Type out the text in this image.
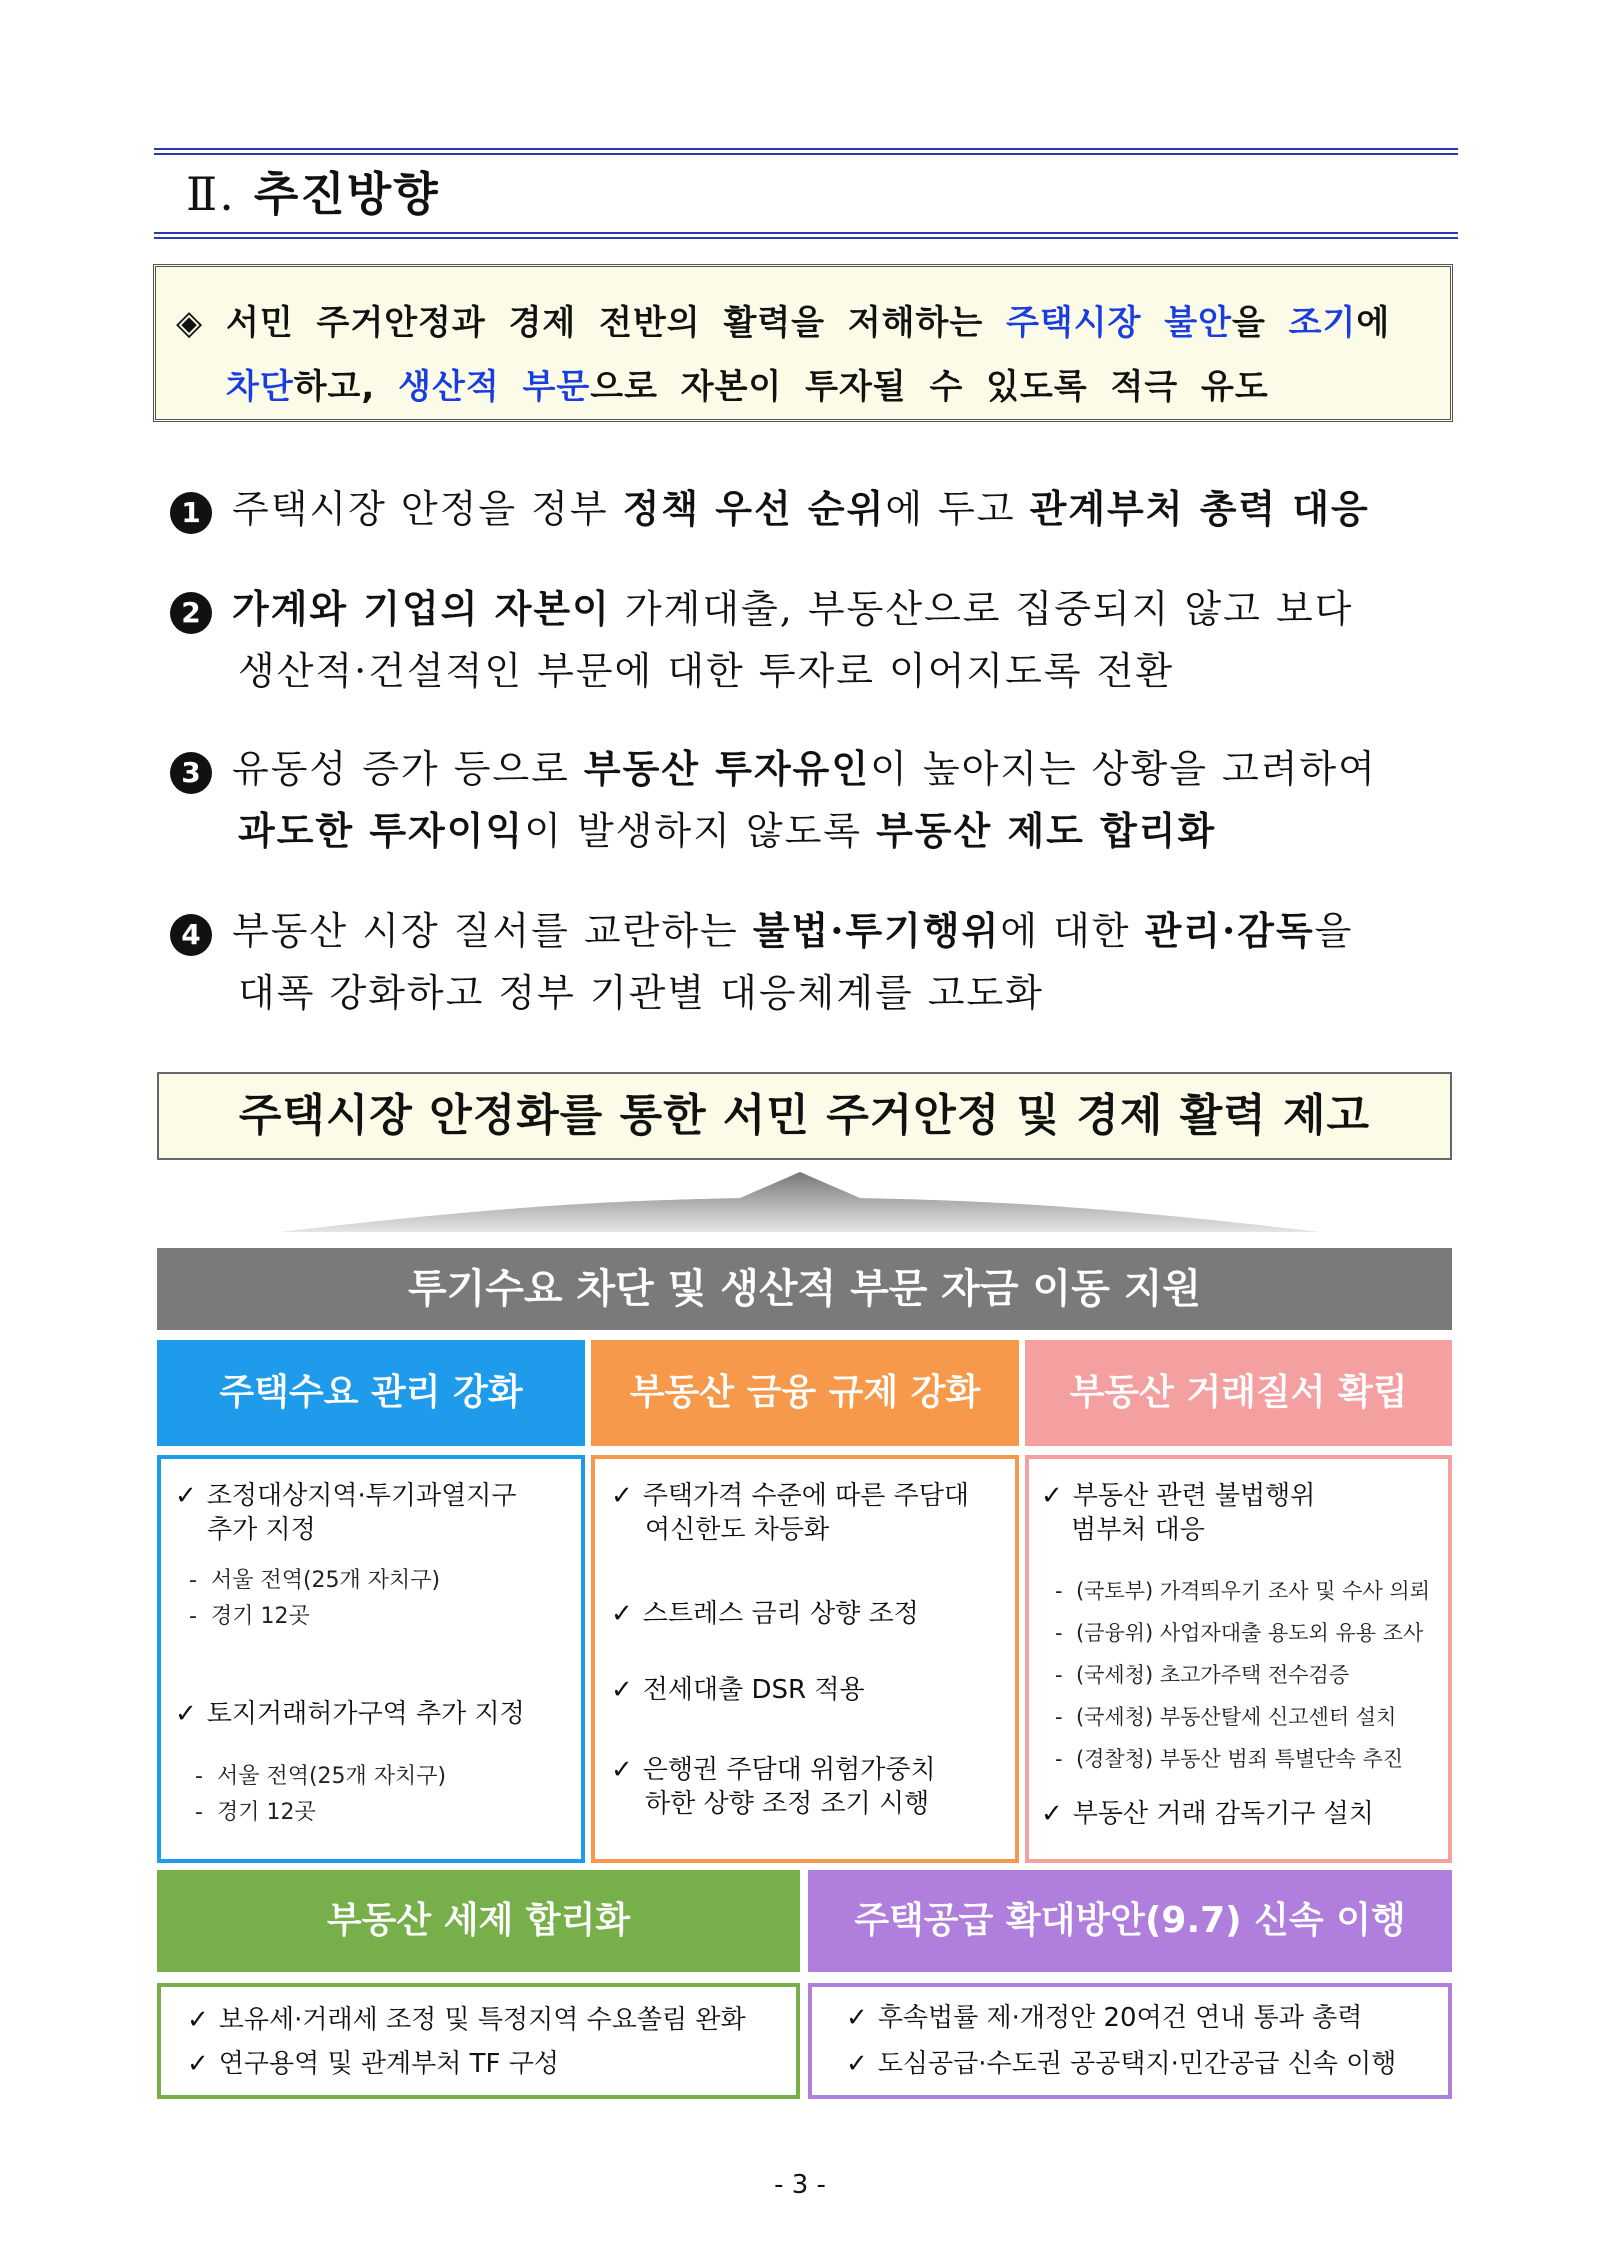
Ⅱ. 추진방향
◈ 서민 주거안정과 경제 전반의 활력을 저해하는 주택시장 불안을 조기에
차단하고, 생산적 부문으로 자본이 투자될 수 있도록 적극 유도
1 주택시장 안정을 정부 정책 우선 순위에 두고 관계부처 총력 대응
2 가계와 기업의 자본이 가계대출, 부동산으로 집중되지 않고 보다
생산적·건설적인 부문에 대한 투자로 이어지도록 전환
3 유동성 증가 등으로 부동산 투자유인이 높아지는 상황을 고려하여
과도한 투자이익이 발생하지 않도록 부동산 제도 합리화
4 부동산 시장 질서를 교란하는 불법·투기행위에 대한 관리·감독을
대폭 강화하고 정부 기관별 대응체계를 고도화
주택시장 안정화를 통한 서민 주거안정 및 경제 활력 제고
투기수요 차단 및 생산적 부문 자금 이동 지원
주택수요 관리 강화	부동산 금융 규제 강화	부동산 거래질서 확립
✓ 조정대상지역·투기과열지구
추가 지정
- 서울 전역(25개 자치구)
- 경기 12곳
✓ 토지거래허가구역 추가 지정
- 서울 전역(25개 자치구)
- 경기 12곳
✓ 주택가격 수준에 따른 주담대
여신한도 차등화
✓ 스트레스 금리 상향 조정
✓ 전세대출 DSR 적용
✓ 은행권 주담대 위험가중치
하한 상향 조정 조기 시행
✓ 부동산 관련 불법행위
범부처 대응
- (국토부) 가격띄우기 조사 및 수사 의뢰
- (금융위) 사업자대출 용도외 유용 조사
- (국세청) 초고가주택 전수검증
- (국세청) 부동산탈세 신고센터 설치
- (경찰청) 부동산 범죄 특별단속 추진
✓ 부동산 거래 감독기구 설치
부동산 세제 합리화	주택공급 확대방안(9.7) 신속 이행
✓ 보유세·거래세 조정 및 특정지역 수요쏠림 완화
✓ 연구용역 및 관계부처 TF 구성
✓ 후속법률 제·개정안 20여건 연내 통과 총력
✓ 도심공급·수도권 공공택지·민간공급 신속 이행
- 3 -
